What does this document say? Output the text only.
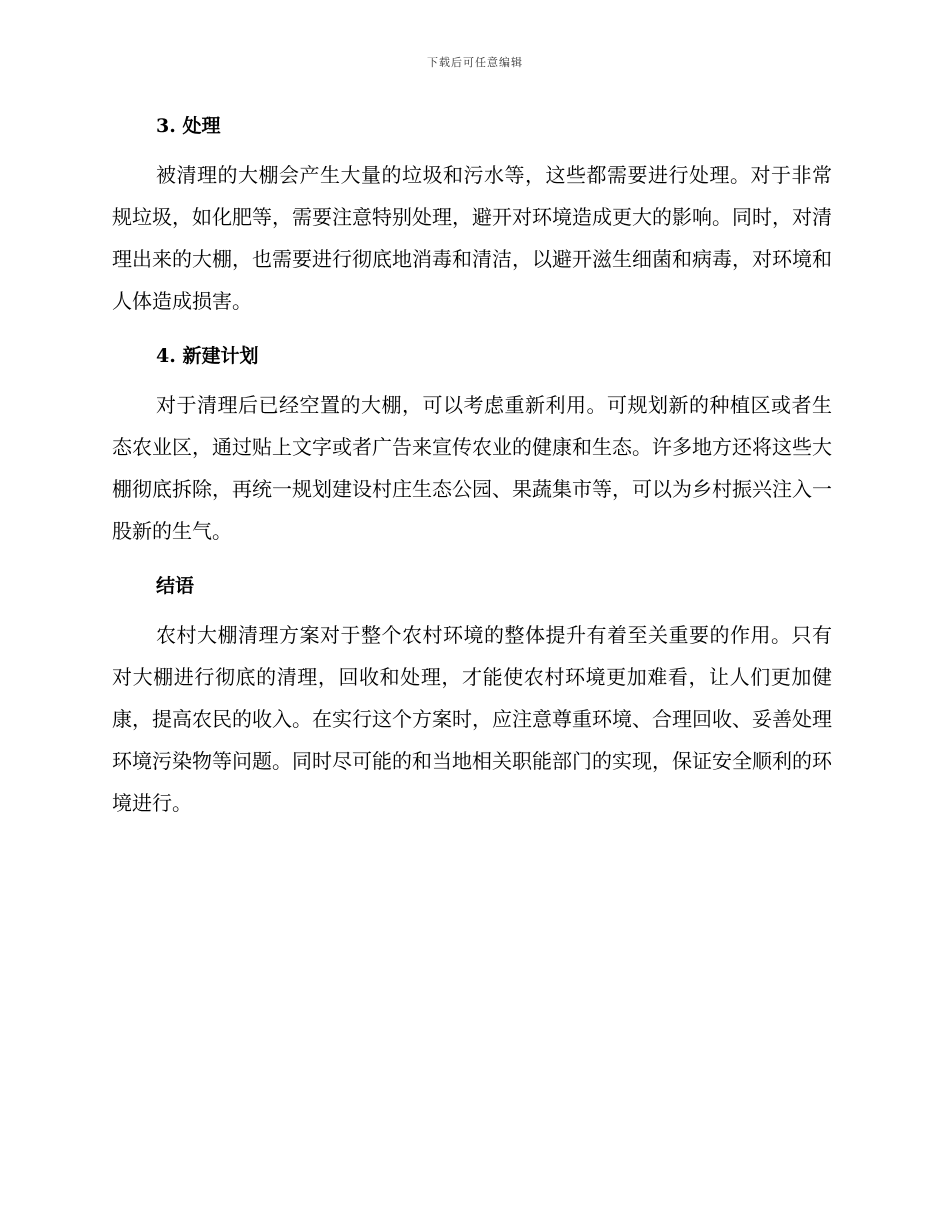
下载后可任意编辑
3. 处理

被清理的大棚会产生大量的垃圾和污水等，这些都需要进行处理。对于非常规垃圾，如化肥等，需要注意特别处理，避开对环境造成更大的影响。同时，对清理出来的大棚，也需要进行彻底地消毒和清洁，以避开滋生细菌和病毒，对环境和人体造成损害。

4. 新建计划

对于清理后已经空置的大棚，可以考虑重新利用。可规划新的种植区或者生态农业区，通过贴上文字或者广告来宣传农业的健康和生态。许多地方还将这些大棚彻底拆除，再统一规划建设村庄生态公园、果蔬集市等，可以为乡村振兴注入一股新的生气。

结语

农村大棚清理方案对于整个农村环境的整体提升有着至关重要的作用。只有对大棚进行彻底的清理，回收和处理，才能使农村环境更加难看，让人们更加健康，提高农民的收入。在实行这个方案时，应注意尊重环境、合理回收、妥善处理环境污染物等问题。同时尽可能的和当地相关职能部门的实现，保证安全顺利的环境进行。
